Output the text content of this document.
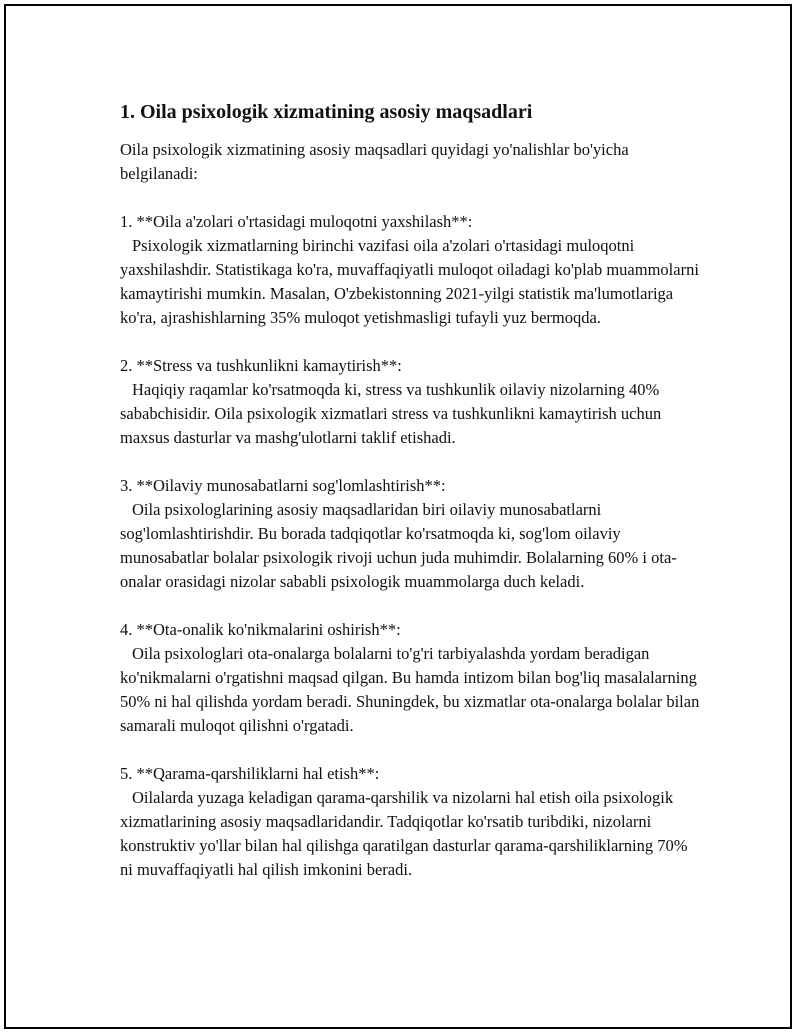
1. Oila psixologik xizmatining asosiy maqsadlari

Oila psixologik xizmatining asosiy maqsadlari quyidagi yo'nalishlar bo'yicha belgilanadi:

1. **Oila a'zolari o'rtasidagi muloqotni yaxshilash**:
Psixologik xizmatlarning birinchi vazifasi oila a'zolari o'rtasidagi muloqotni yaxshilashdir. Statistikaga ko'ra, muvaffaqiyatli muloqot oiladagi ko'plab muammolarni kamaytirishi mumkin. Masalan, O'zbekistonning 2021-yilgi statistik ma'lumotlariga ko'ra, ajrashishlarning 35% muloqot yetishmasligi tufayli yuz bermoqda.
2. **Stress va tushkunlikni kamaytirish**:
Haqiqiy raqamlar ko'rsatmoqda ki, stress va tushkunlik oilaviy nizolarning 40% sababchisidir. Oila psixologik xizmatlari stress va tushkunlikni kamaytirish uchun maxsus dasturlar va mashg'ulotlarni taklif etishadi.
3. **Oilaviy munosabatlarni sog'lomlashtirish**:
Oila psixologlarining asosiy maqsadlaridan biri oilaviy munosabatlarni sog'lomlashtirishdir. Bu borada tadqiqotlar ko'rsatmoqda ki, sog'lom oilaviy munosabatlar bolalar psixologik rivoji uchun juda muhimdir. Bolalarning 60% i ota-onalar orasidagi nizolar sababli psixologik muammolarga duch keladi.
4. **Ota-onalik ko'nikmalarini oshirish**:
Oila psixologlari ota-onalarga bolalarni to'g'ri tarbiyalashda yordam beradigan ko'nikmalarni o'rgatishni maqsad qilgan. Bu hamda intizom bilan bog'liq masalalarning 50% ni hal qilishda yordam beradi. Shuningdek, bu xizmatlar ota-onalarga bolalar bilan samarali muloqot qilishni o'rgatadi.
5. **Qarama-qarshiliklarni hal etish**:
Oilalarda yuzaga keladigan qarama-qarshilik va nizolarni hal etish oila psixologik xizmatlarining asosiy maqsadlaridandir. Tadqiqotlar ko'rsatib turibdiki, nizolarni konstruktiv yo'llar bilan hal qilishga qaratilgan dasturlar qarama-qarshiliklarning 70% ni muvaffaqiyatli hal qilish imkonini beradi.
